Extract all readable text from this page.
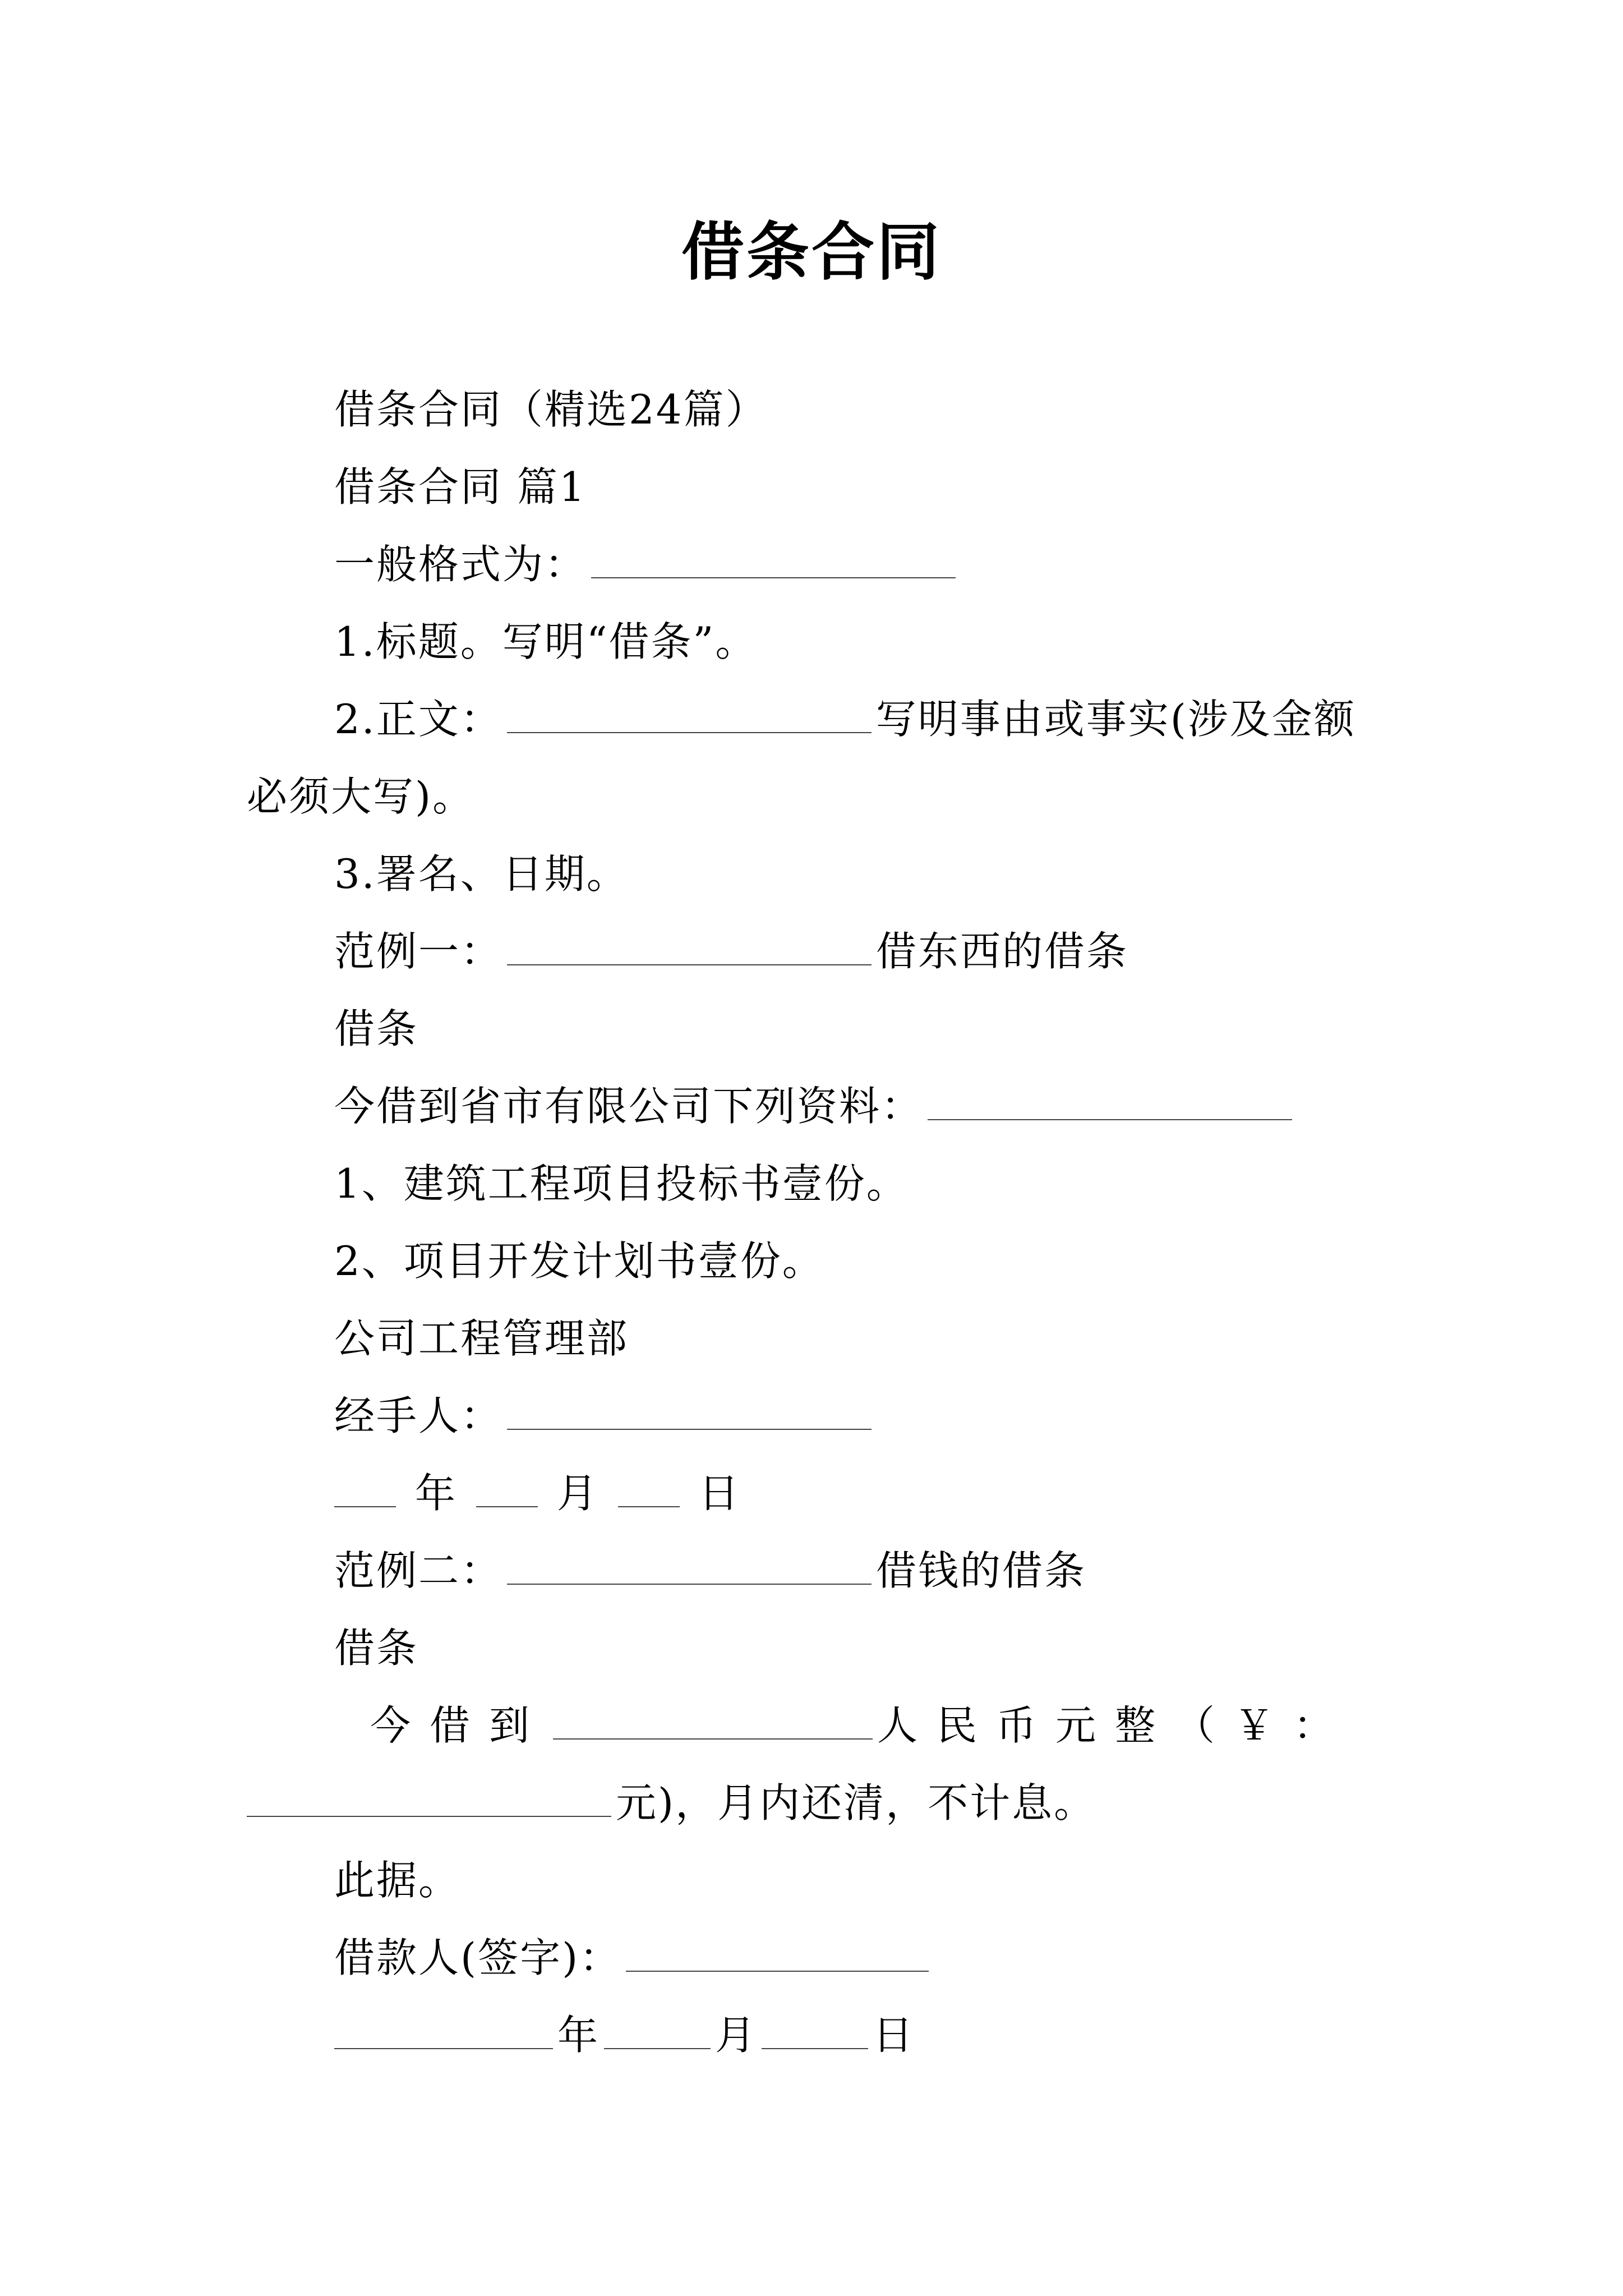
借条合同
借条合同（精选24篇）
借条合同 篇1
一般格式为：
1.标题。写明“借条”。
2.正文：	写明事由或事实(涉及金额
必须大写)。
3.署名、日期。
范例一：	借东西的借条
借条
今借到省市有限公司下列资料：
1、建筑工程项目投标书壹份。
2、项目开发计划书壹份。
公司工程管理部
经手人：
年 月 日
范例二：	借钱的借条
借条
今借到	人民币元整（￥：
元)，月内还清，不计息。
此据。
借款人(签字)：
年	月	日
